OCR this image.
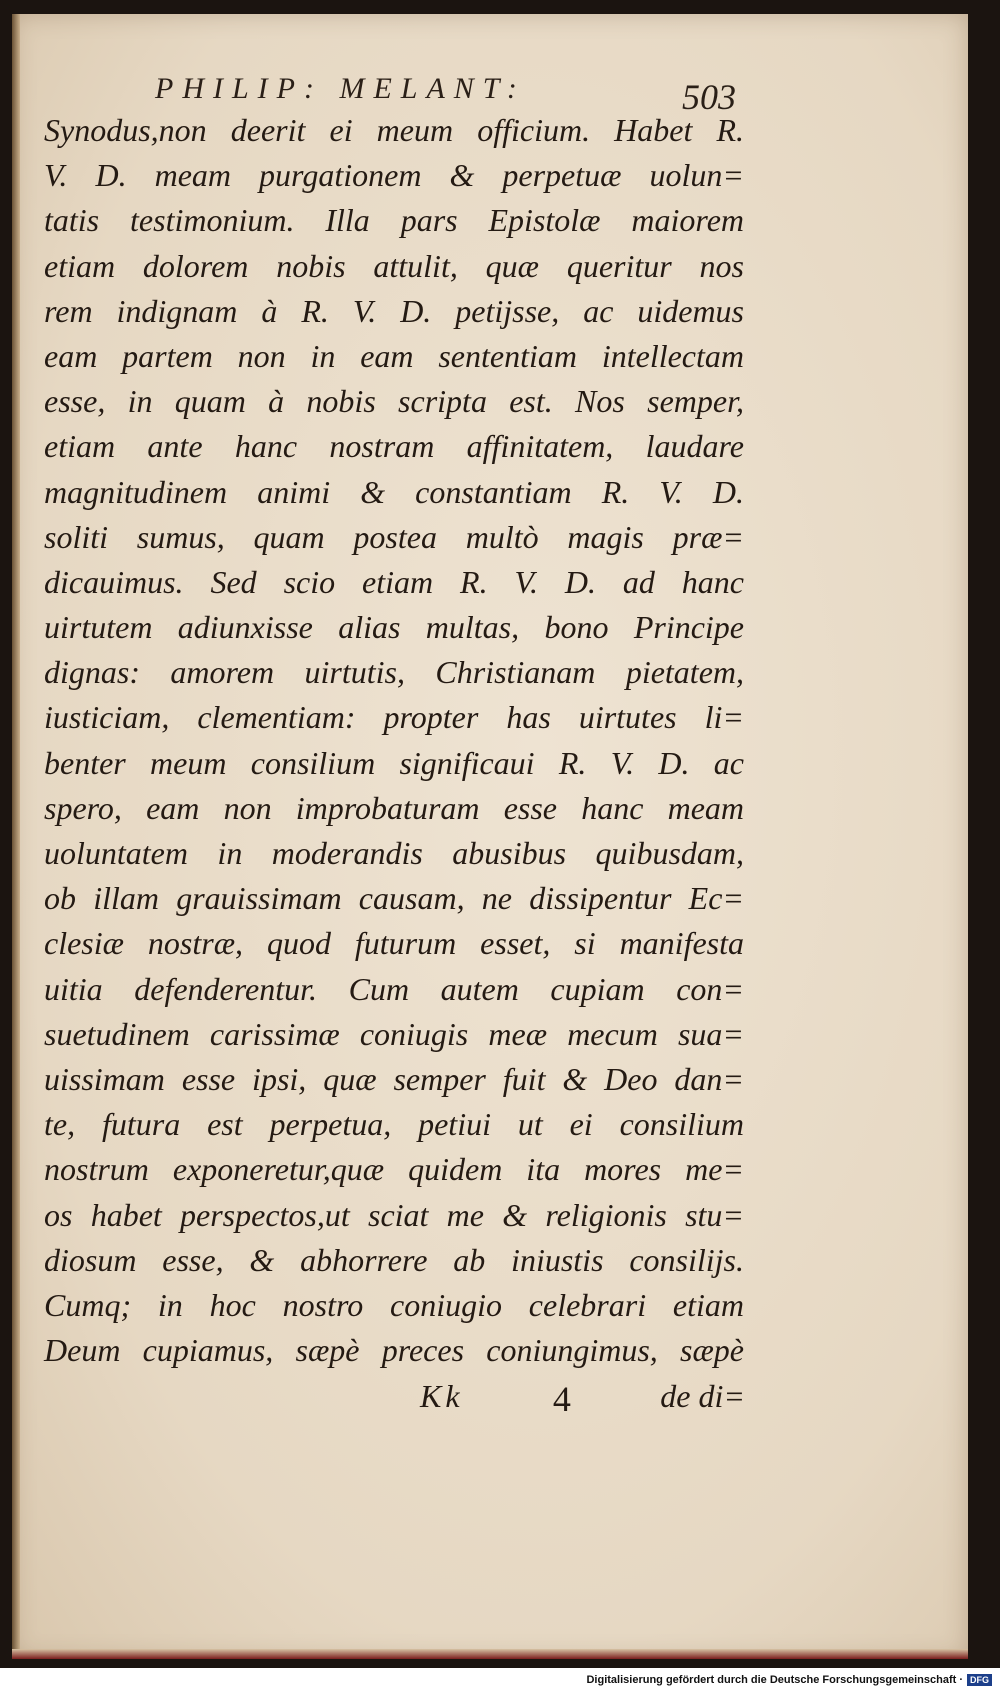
PHILIP: MELANT:	503
Synodus,non deerit ei meum officium. Habet R.
V. D. meam purgationem & perpetuæ uolun=
tatis testimonium. Illa pars Epistolæ maiorem
etiam dolorem nobis attulit, quæ queritur nos
rem indignam à R. V. D. petijsse, ac uidemus
eam partem non in eam sententiam intellectam
esse, in quam à nobis scripta est. Nos semper,
etiam ante hanc nostram affinitatem, laudare
magnitudinem animi & constantiam R. V. D.
soliti sumus, quam postea multò magis præ=
dicauimus. Sed scio etiam R. V. D. ad hanc
uirtutem adiunxisse alias multas, bono Principe
dignas: amorem uirtutis, Christianam pietatem,
iusticiam, clementiam: propter has uirtutes li=
benter meum consilium significaui R. V. D. ac
spero, eam non improbaturam esse hanc meam
uoluntatem in moderandis abusibus quibusdam,
ob illam grauissimam causam, ne dissipentur Ec=
clesiæ nostræ, quod futurum esset, si manifesta
uitia defenderentur. Cum autem cupiam con=
suetudinem carissimæ coniugis meæ mecum sua=
uissimam esse ipsi, quæ semper fuit & Deo dan=
te, futura est perpetua, petiui ut ei consilium
nostrum exponeretur,quæ quidem ita mores me=
os habet perspectos,ut sciat me & religionis stu=
diosum esse, & abhorrere ab iniustis consilijs.
Cumq; in hoc nostro coniugio celebrari etiam
Deum cupiamus, sæpè preces coniungimus, sæpè
Kk 4	de di=
Digitalisierung gefördert durch die Deutsche Forschungsgemeinschaft · DFG
